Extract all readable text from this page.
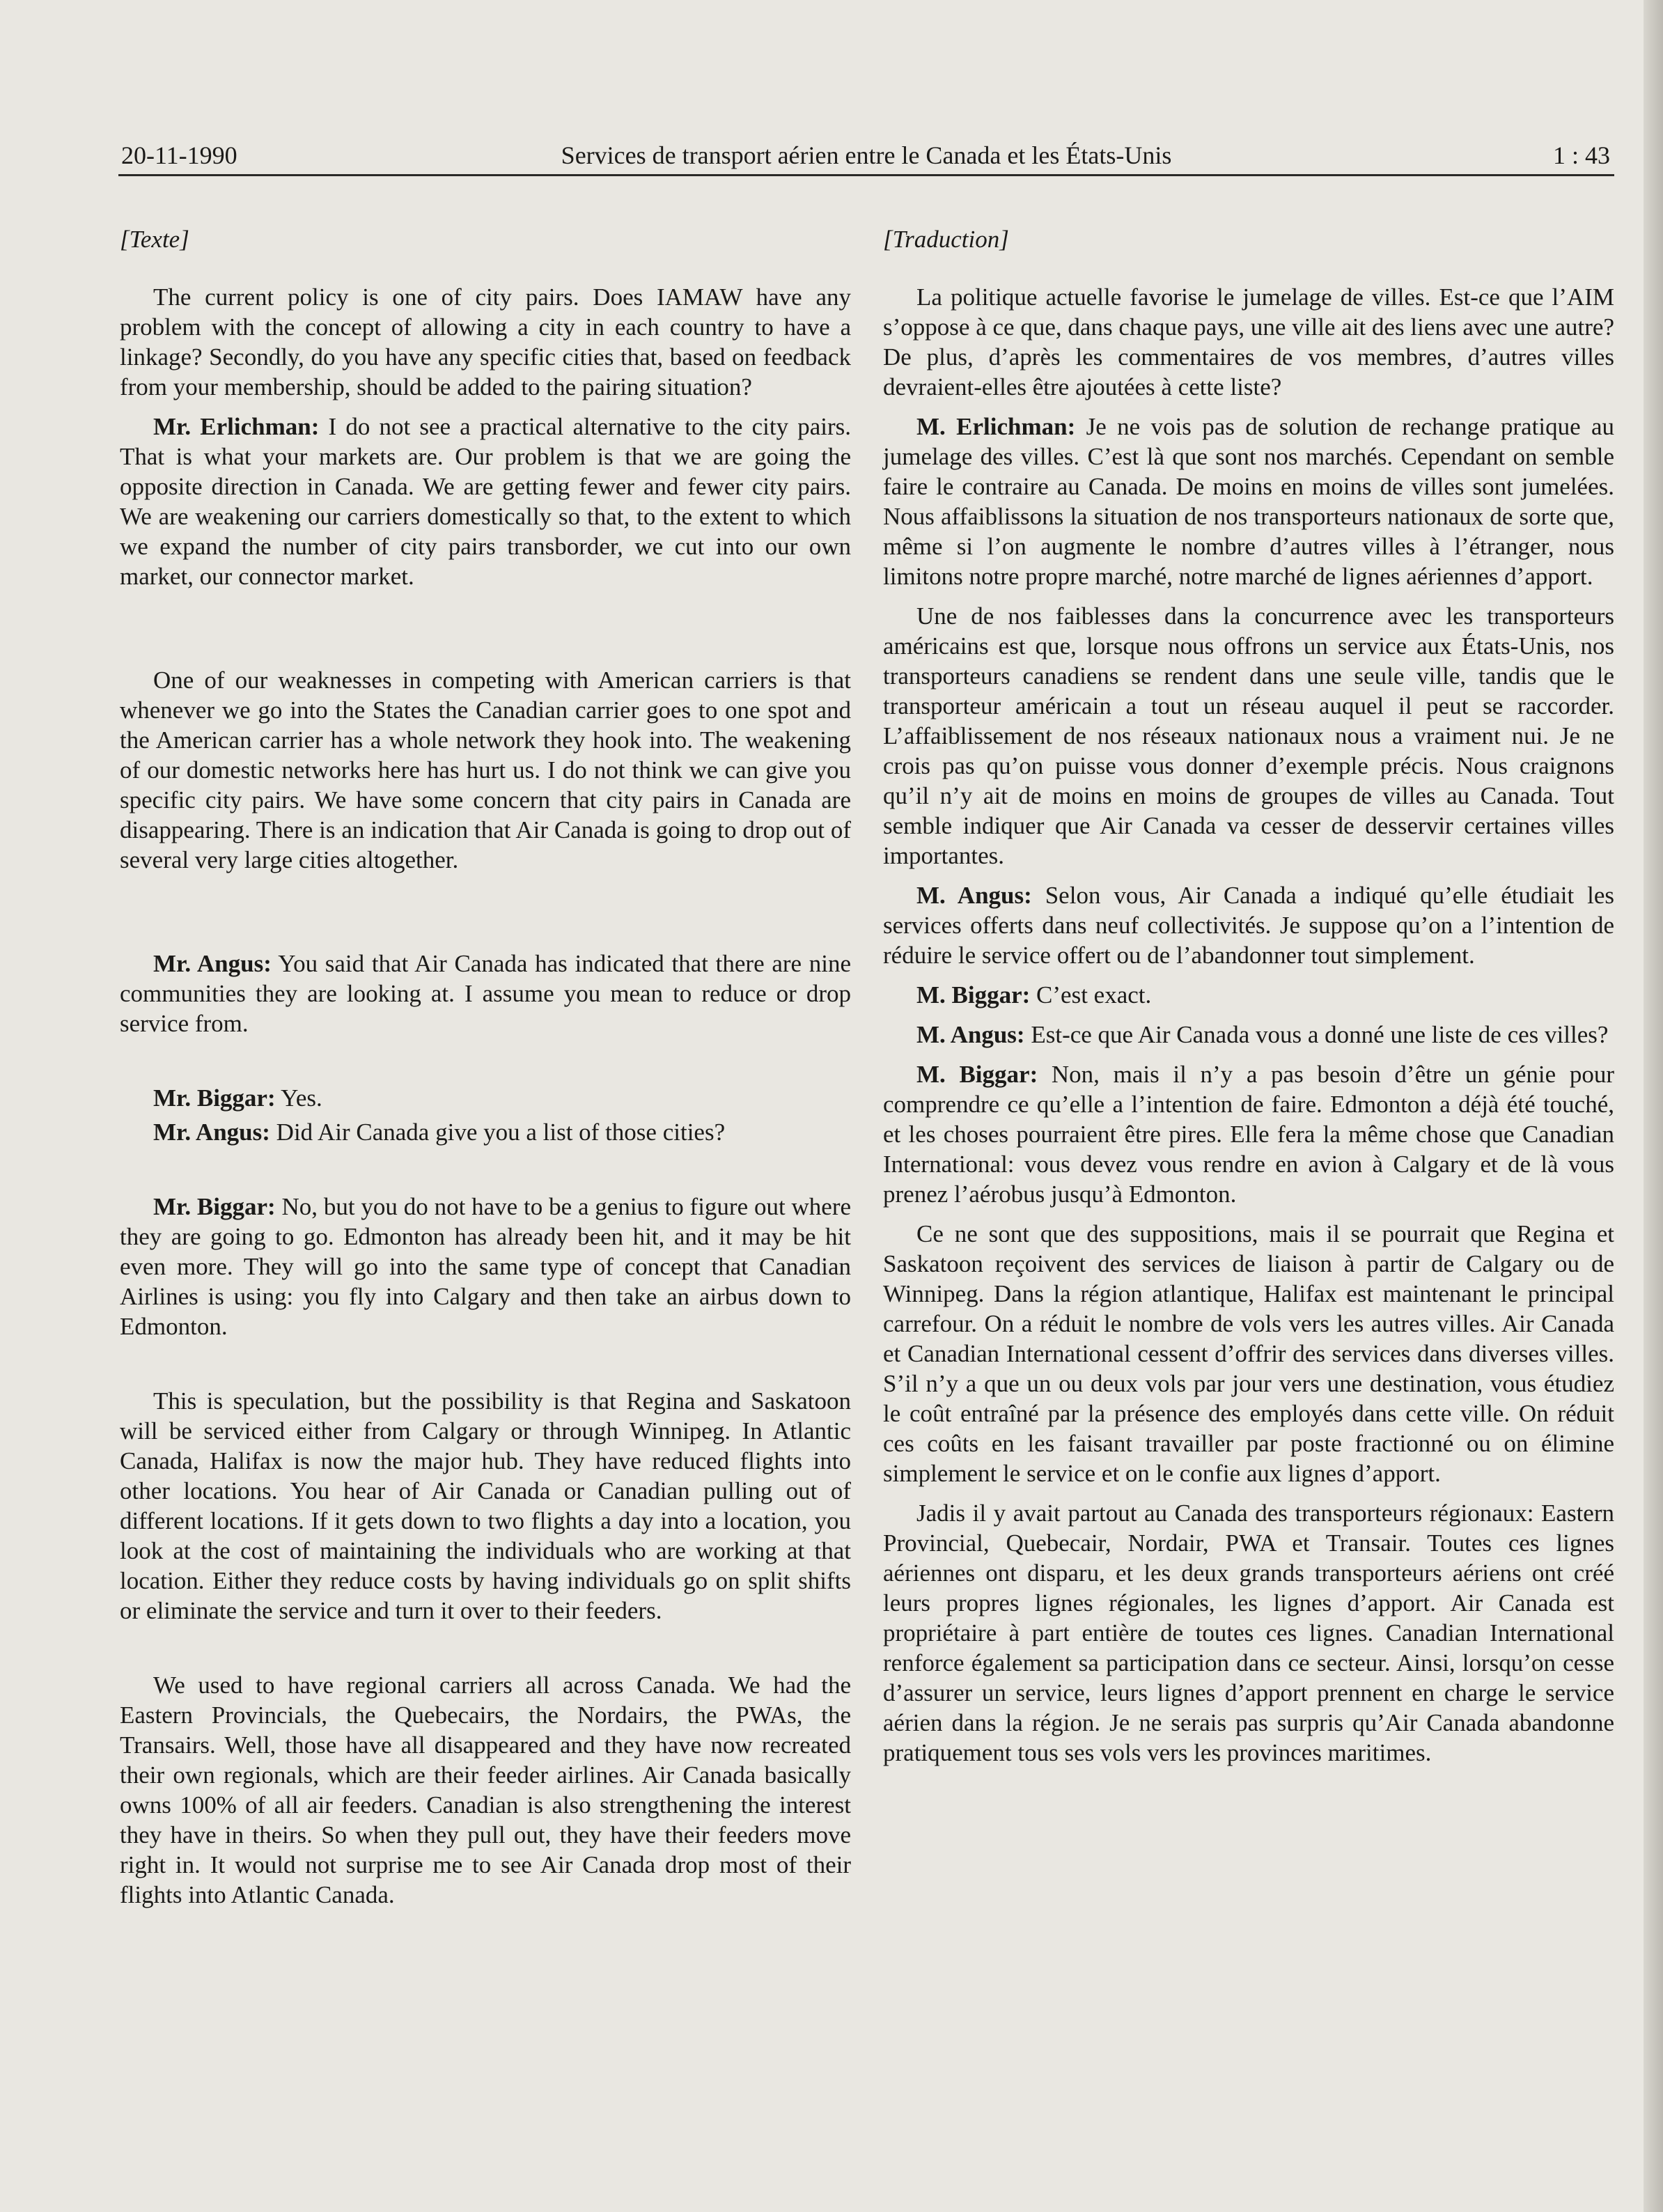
20-11-1990	Services de transport aérien entre le Canada et les États-Unis	1 : 43

[Texte]

The current policy is one of city pairs. Does IAMAW have any problem with the concept of allowing a city in each country to have a linkage? Secondly, do you have any specific cities that, based on feedback from your membership, should be added to the pairing situation?

Mr. Erlichman: I do not see a practical alternative to the city pairs. That is what your markets are. Our problem is that we are going the opposite direction in Canada. We are getting fewer and fewer city pairs. We are weakening our carriers domestically so that, to the extent to which we expand the number of city pairs transborder, we cut into our own market, our connector market.

One of our weaknesses in competing with American carriers is that whenever we go into the States the Canadian carrier goes to one spot and the American carrier has a whole network they hook into. The weakening of our domestic networks here has hurt us. I do not think we can give you specific city pairs. We have some concern that city pairs in Canada are disappearing. There is an indication that Air Canada is going to drop out of several very large cities altogether.

Mr. Angus: You said that Air Canada has indicated that there are nine communities they are looking at. I assume you mean to reduce or drop service from.

Mr. Biggar: Yes.

Mr. Angus: Did Air Canada give you a list of those cities?

Mr. Biggar: No, but you do not have to be a genius to figure out where they are going to go. Edmonton has already been hit, and it may be hit even more. They will go into the same type of concept that Canadian Airlines is using: you fly into Calgary and then take an airbus down to Edmonton.

This is speculation, but the possibility is that Regina and Saskatoon will be serviced either from Calgary or through Winnipeg. In Atlantic Canada, Halifax is now the major hub. They have reduced flights into other locations. You hear of Air Canada or Canadian pulling out of different locations. If it gets down to two flights a day into a location, you look at the cost of maintaining the individuals who are working at that location. Either they reduce costs by having individuals go on split shifts or eliminate the service and turn it over to their feeders.

We used to have regional carriers all across Canada. We had the Eastern Provincials, the Quebecairs, the Nordairs, the PWAs, the Transairs. Well, those have all disappeared and they have now recreated their own regionals, which are their feeder airlines. Air Canada basically owns 100% of all air feeders. Canadian is also strengthening the interest they have in theirs. So when they pull out, they have their feeders move right in. It would not surprise me to see Air Canada drop most of their flights into Atlantic Canada.

[Traduction]

La politique actuelle favorise le jumelage de villes. Est-ce que l’AIM s’oppose à ce que, dans chaque pays, une ville ait des liens avec une autre? De plus, d’après les commentaires de vos membres, d’autres villes devraient-elles être ajoutées à cette liste?

M. Erlichman: Je ne vois pas de solution de rechange pratique au jumelage des villes. C’est là que sont nos marchés. Cependant on semble faire le contraire au Canada. De moins en moins de villes sont jumelées. Nous affaiblissons la situation de nos transporteurs nationaux de sorte que, même si l’on augmente le nombre d’autres villes à l’étranger, nous limitons notre propre marché, notre marché de lignes aériennes d’apport.

Une de nos faiblesses dans la concurrence avec les transporteurs américains est que, lorsque nous offrons un service aux États-Unis, nos transporteurs canadiens se rendent dans une seule ville, tandis que le transporteur américain a tout un réseau auquel il peut se raccorder. L’affaiblissement de nos réseaux nationaux nous a vraiment nui. Je ne crois pas qu’on puisse vous donner d’exemple précis. Nous craignons qu’il n’y ait de moins en moins de groupes de villes au Canada. Tout semble indiquer que Air Canada va cesser de desservir certaines villes importantes.

M. Angus: Selon vous, Air Canada a indiqué qu’elle étudiait les services offerts dans neuf collectivités. Je suppose qu’on a l’intention de réduire le service offert ou de l’abandonner tout simplement.

M. Biggar: C’est exact.

M. Angus: Est-ce que Air Canada vous a donné une liste de ces villes?

M. Biggar: Non, mais il n’y a pas besoin d’être un génie pour comprendre ce qu’elle a l’intention de faire. Edmonton a déjà été touché, et les choses pourraient être pires. Elle fera la même chose que Canadian International: vous devez vous rendre en avion à Calgary et de là vous prenez l’aérobus jusqu’à Edmonton.

Ce ne sont que des suppositions, mais il se pourrait que Regina et Saskatoon reçoivent des services de liaison à partir de Calgary ou de Winnipeg. Dans la région atlantique, Halifax est maintenant le principal carrefour. On a réduit le nombre de vols vers les autres villes. Air Canada et Canadian International cessent d’offrir des services dans diverses villes. S’il n’y a que un ou deux vols par jour vers une destination, vous étudiez le coût entraîné par la présence des employés dans cette ville. On réduit ces coûts en les faisant travailler par poste fractionné ou on élimine simplement le service et on le confie aux lignes d’apport.

Jadis il y avait partout au Canada des transporteurs régionaux: Eastern Provincial, Quebecair, Nordair, PWA et Transair. Toutes ces lignes aériennes ont disparu, et les deux grands transporteurs aériens ont créé leurs propres lignes régionales, les lignes d’apport. Air Canada est propriétaire à part entière de toutes ces lignes. Canadian International renforce également sa participation dans ce secteur. Ainsi, lorsqu’on cesse d’assurer un service, leurs lignes d’apport prennent en charge le service aérien dans la région. Je ne serais pas surpris qu’Air Canada abandonne pratiquement tous ses vols vers les provinces maritimes.
